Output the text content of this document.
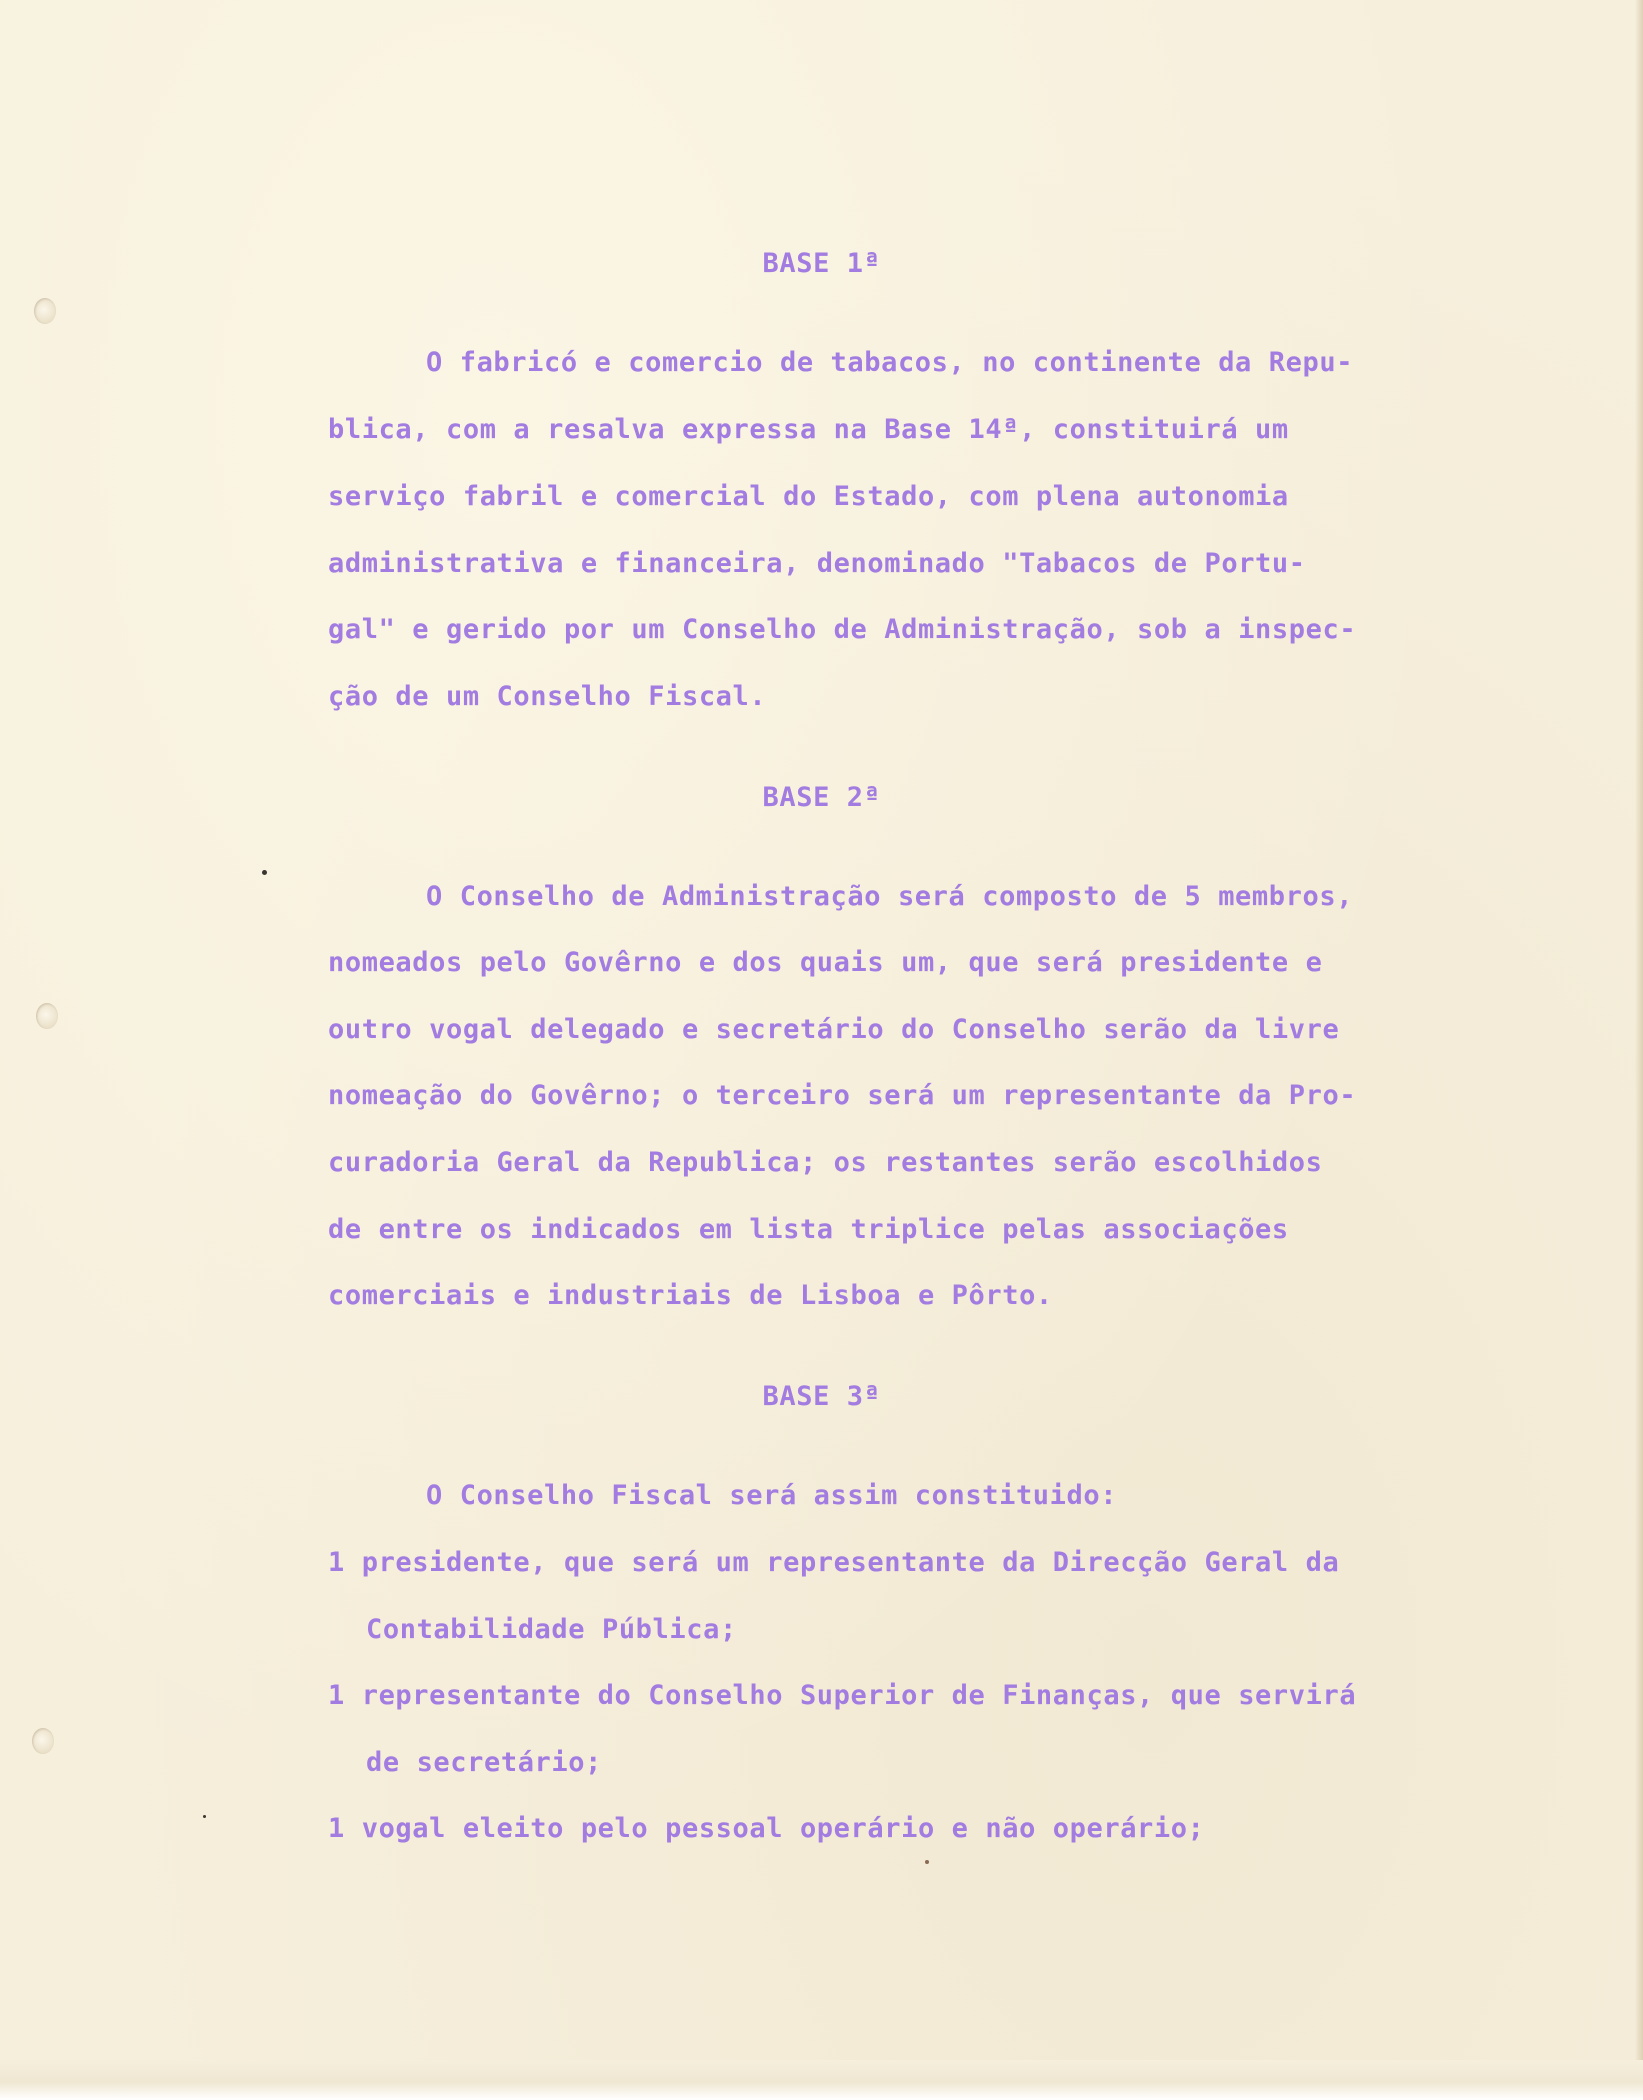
BASE 1ª
O fabricó e comercio de tabacos, no continente da Repu-
blica, com a resalva expressa na Base 14ª, constituirá um
serviço fabril e comercial do Estado, com plena autonomia
administrativa e financeira, denominado "Tabacos de Portu-
gal" e gerido por um Conselho de Administração, sob a inspec-
ção de um Conselho Fiscal.
BASE 2ª
O Conselho de Administração será composto de 5 membros,
nomeados pelo Govêrno e dos quais um, que será presidente e
outro vogal delegado e secretário do Conselho serão da livre
nomeação do Govêrno; o terceiro será um representante da Pro-
curadoria Geral da Republica; os restantes serão escolhidos
de entre os indicados em lista triplice pelas associações
comerciais e industriais de Lisboa e Pôrto.
BASE 3ª
O Conselho Fiscal será assim constituido:
1 presidente, que será um representante da Direcção Geral da
Contabilidade Pública;
1 representante do Conselho Superior de Finanças, que servirá
de secretário;
1 vogal eleito pelo pessoal operário e não operário;
